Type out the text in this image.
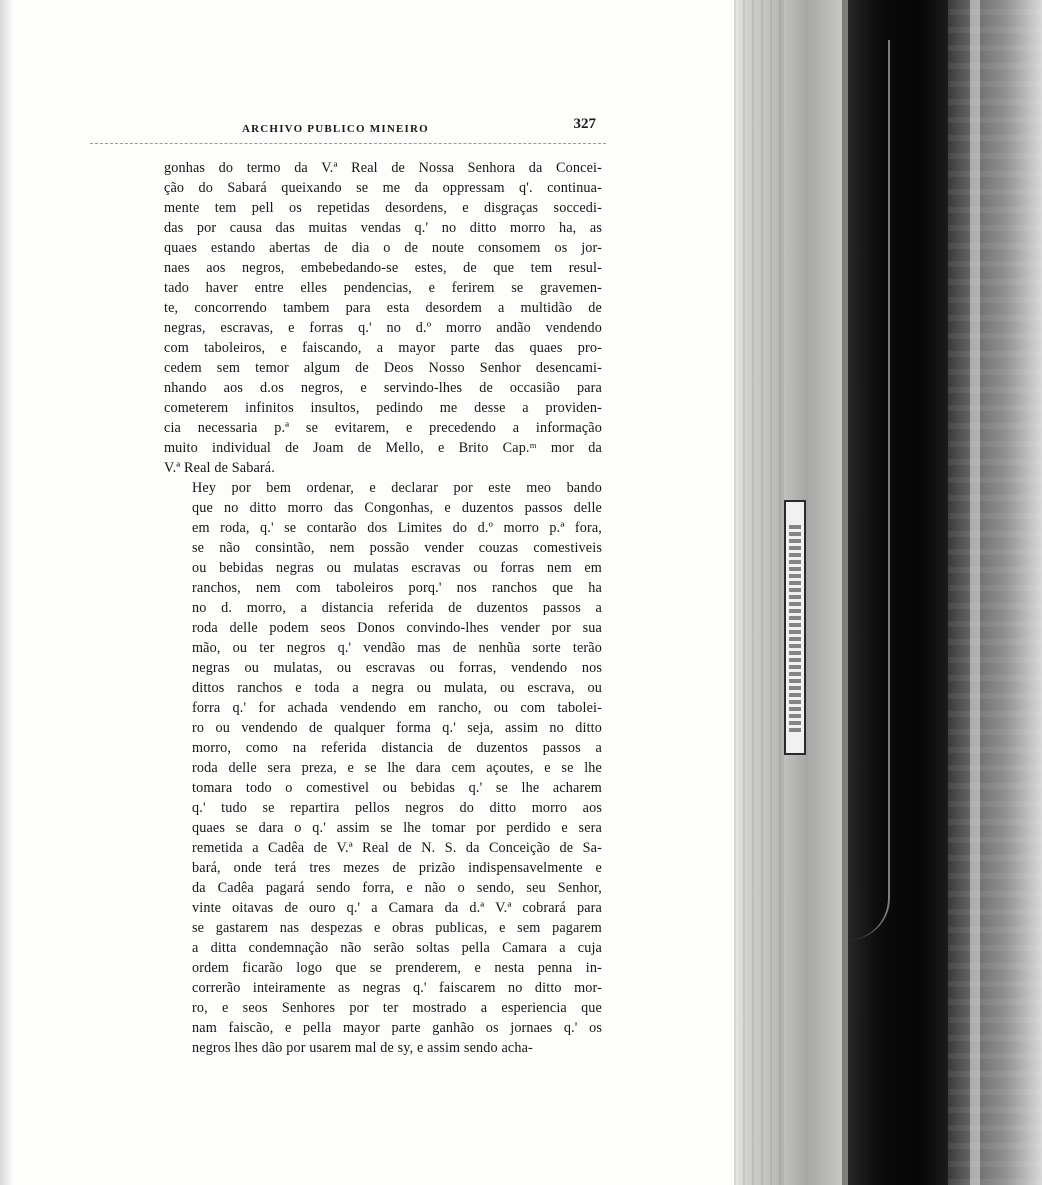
ARCHIVO PUBLICO MINEIRO	327

gonhas do termo da V.ª Real de Nossa Senhora da Concei-
ção do Sabará queixando se me da oppressam q'. continua-
mente tem pell os repetidas desordens, e disgraças soccedi-
das por causa das muitas vendas q.' no ditto morro ha, as
quaes estando abertas de dia o de noute consomem os jor-
naes aos negros, embebedando-se estes, de que tem resul-
tado haver entre elles pendencias, e ferirem se gravemen-
te, concorrendo tambem para esta desordem a multidão de
negras, escravas, e forras q.' no d.º morro andão vendendo
com taboleiros, e faiscando, a mayor parte das quaes pro-
cedem sem temor algum de Deos Nosso Senhor desencami-
nhando aos d.os negros, e servindo-lhes de occasião para
cometerem infinitos insultos, pedindo me desse a providen-
cia necessaria p.ª se evitarem, e precedendo a informação
muito individual de Joam de Mello, e Brito Cap.ᵐ mor da
V.ª Real de Sabará.

Hey por bem ordenar, e declarar por este meo bando
que no ditto morro das Congonhas, e duzentos passos delle
em roda, q.' se contarão dos Limites do d.º morro p.ª fora,
se não consintão, nem possão vender couzas comestiveis
ou bebidas negras ou mulatas escravas ou forras nem em
ranchos, nem com taboleiros porq.' nos ranchos que ha
no d. morro, a distancia referida de duzentos passos a
roda delle podem seos Donos convindo-lhes vender por sua
mão, ou ter negros q.' vendão mas de nenhũa sorte terão
negras ou mulatas, ou escravas ou forras, vendendo nos
dittos ranchos e toda a negra ou mulata, ou escrava, ou
forra q.' for achada vendendo em rancho, ou com tabolei-
ro ou vendendo de qualquer forma q.' seja, assim no ditto
morro, como na referida distancia de duzentos passos a
roda delle sera preza, e se lhe dara cem açoutes, e se lhe
tomara todo o comestivel ou bebidas q.' se lhe acharem
q.' tudo se repartira pellos negros do ditto morro aos
quaes se dara o q.' assim se lhe tomar por perdido e sera
remetida a Cadêa de V.ª Real de N. S. da Conceição de Sa-
bará, onde terá tres mezes de prizão indispensavelmente e
da Cadêa pagará sendo forra, e não o sendo, seu Senhor,
vinte oitavas de ouro q.' a Camara da d.ª V.ª cobrará para
se gastarem nas despezas e obras publicas, e sem pagarem
a ditta condemnação não serão soltas pella Camara a cuja
ordem ficarão logo que se prenderem, e nesta penna in-
correrão inteiramente as negras q.' faiscarem no ditto mor-
ro, e seos Senhores por ter mostrado a esperiencia que
nam faiscão, e pella mayor parte ganhão os jornaes q.' os
negros lhes dão por usarem mal de sy, e assim sendo acha-
